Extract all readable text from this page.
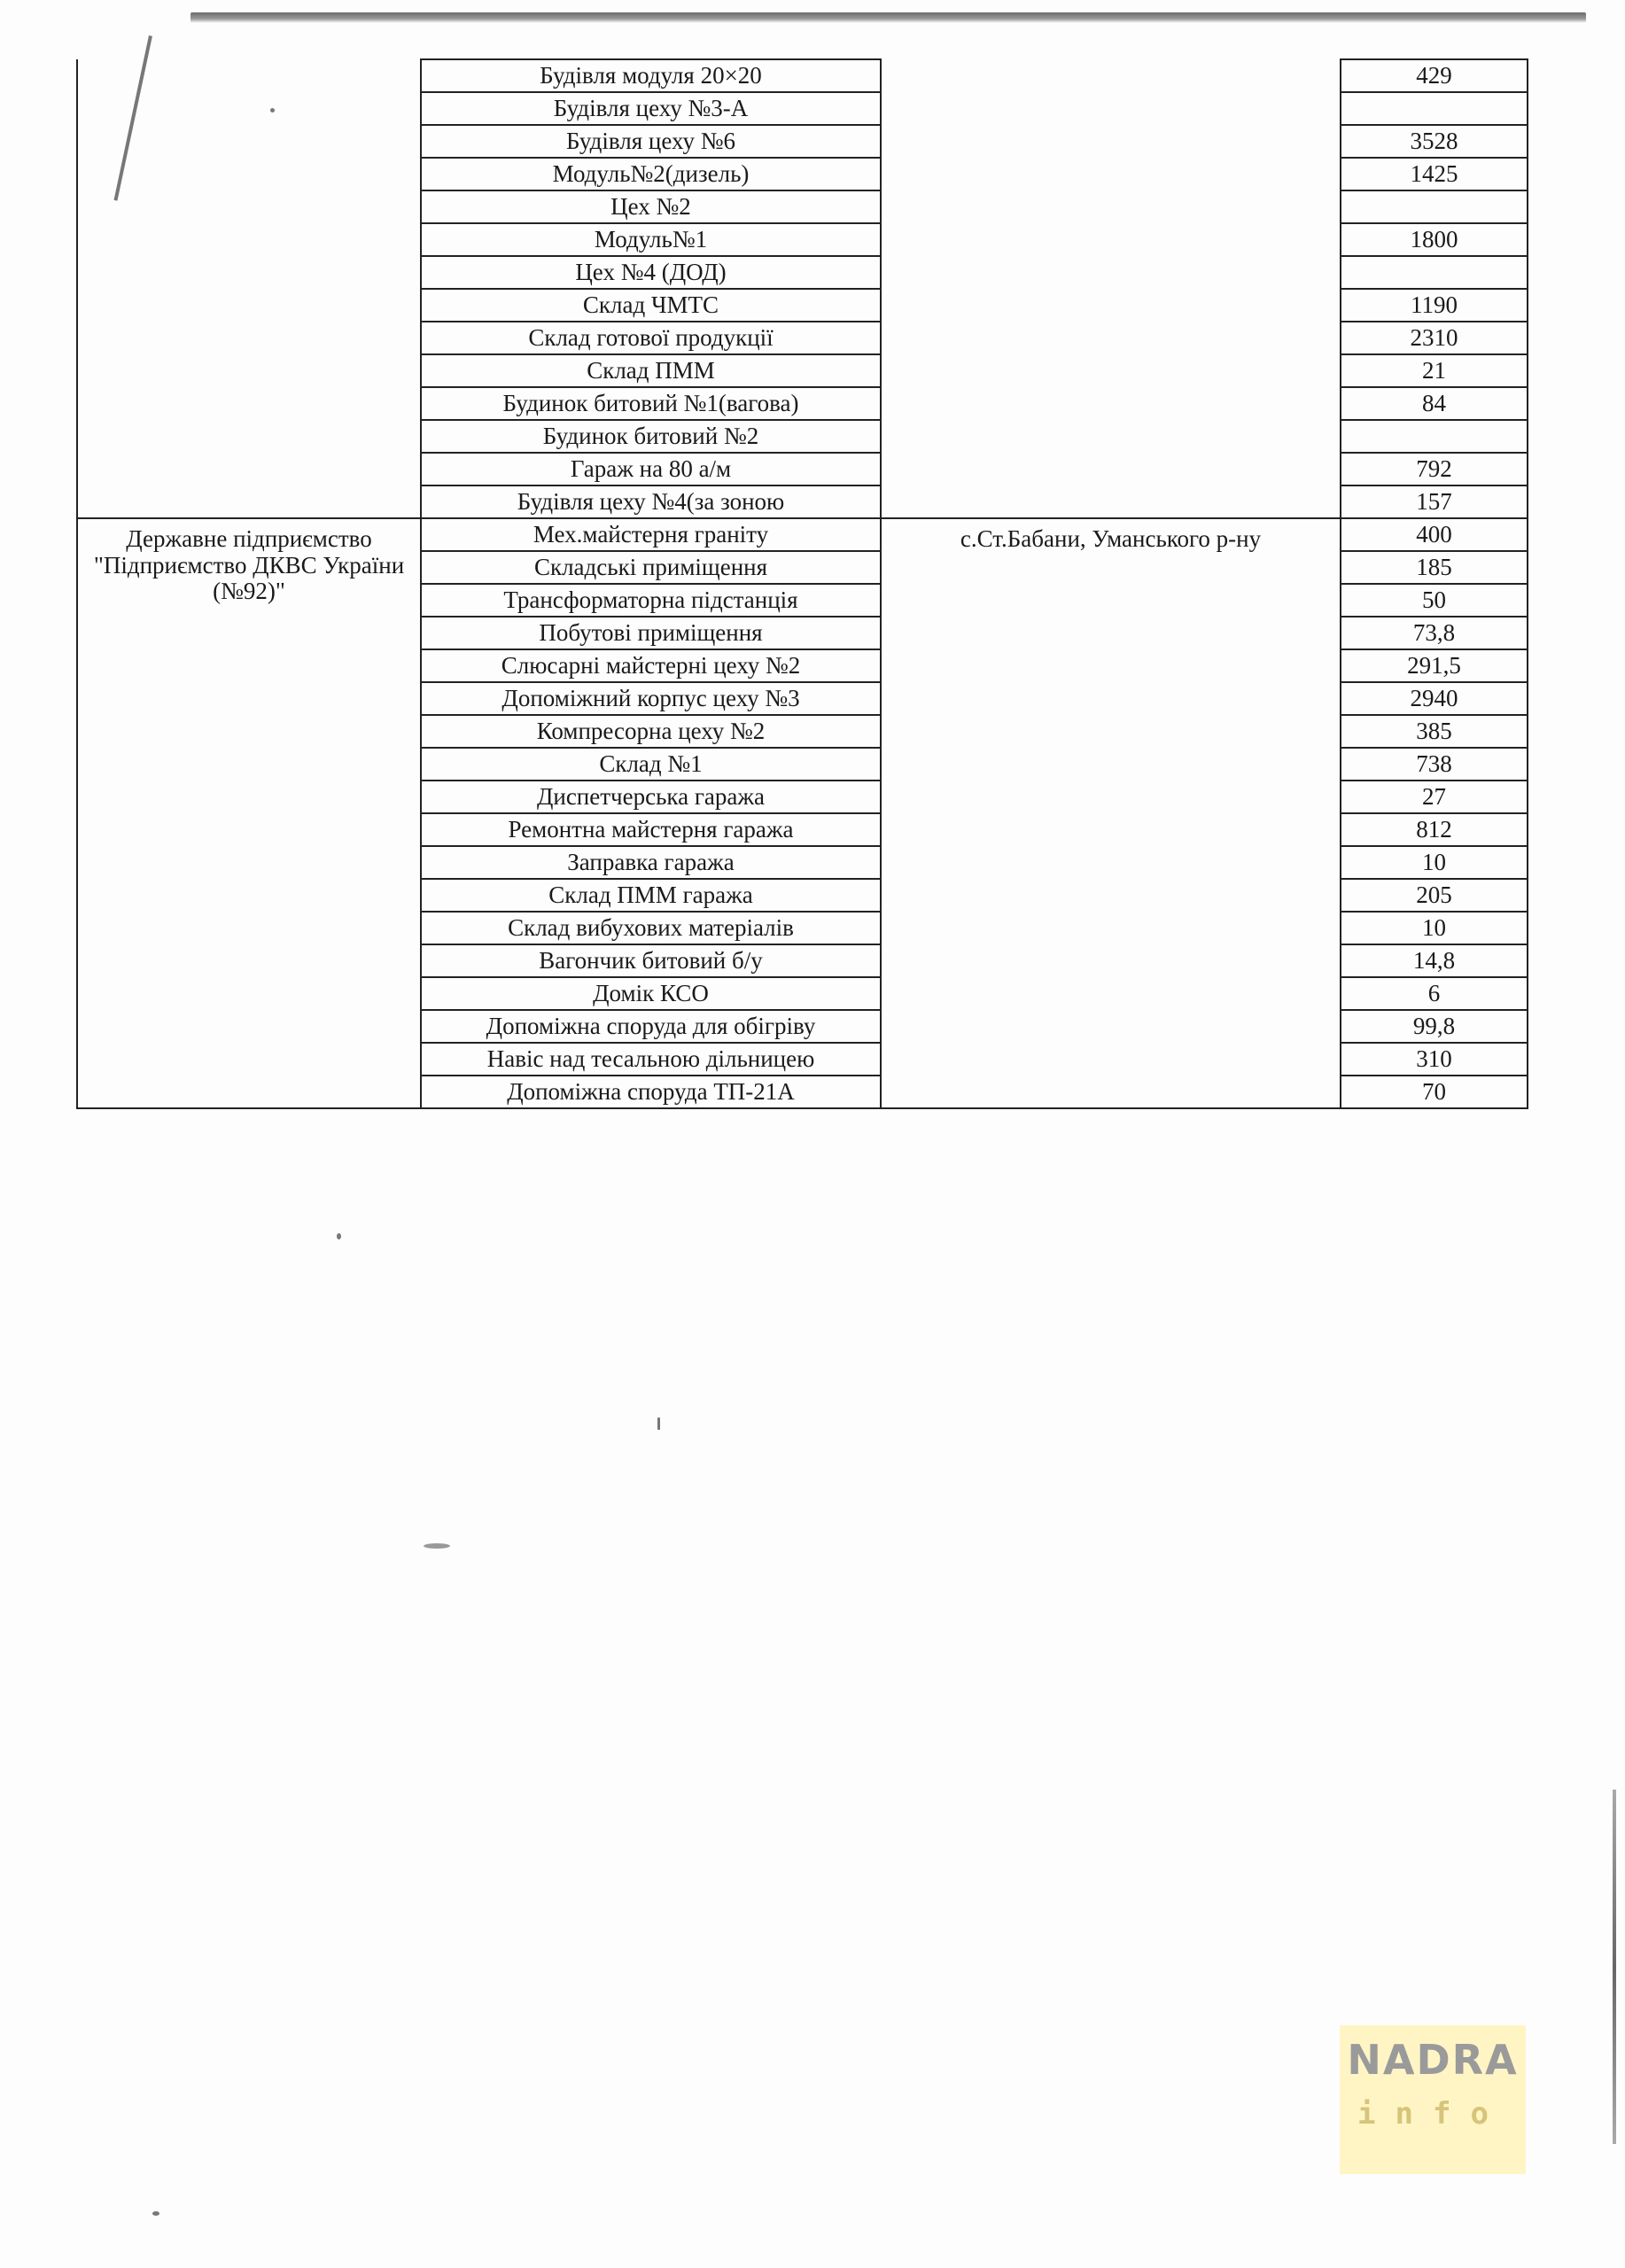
	Будівля модуля 20×20		429
	Будівля цеху №3-А		
	Будівля цеху №6		3528
	Модуль№2(дизель)		1425
	Цех №2		
	Модуль№1		1800
	Цех №4 (ДОД)		
	Склад ЧМТС		1190
	Склад готової продукції		2310
	Склад ПММ		21
	Будинок битовий №1(вагова)		84
	Будинок битовий №2		
	Гараж на 80 а/м		792
	Будівля цеху №4(за зоною		157
Державне підприємство "Підприємство ДКВС України (№92)"	Мех.майстерня граніту	с.Ст.Бабани, Уманського р-ну	400
	Складські приміщення		185
	Трансформаторна підстанція		50
	Побутові приміщення		73,8
	Слюсарні майстерні цеху №2		291,5
	Допоміжний корпус цеху №3		2940
	Компресорна цеху №2		385
	Склад №1		738
	Диспетчерська гаража		27
	Ремонтна майстерня гаража		812
	Заправка гаража		10
	Склад ПММ гаража		205
	Склад вибухових матеріалів		10
	Вагончик битовий б/у		14,8
	Домік КСО		6
	Допоміжна споруда для обігріву		99,8
	Навіс над тесальною дільницею		310
	Допоміжна споруда ТП-21А		70
NADRA
info
